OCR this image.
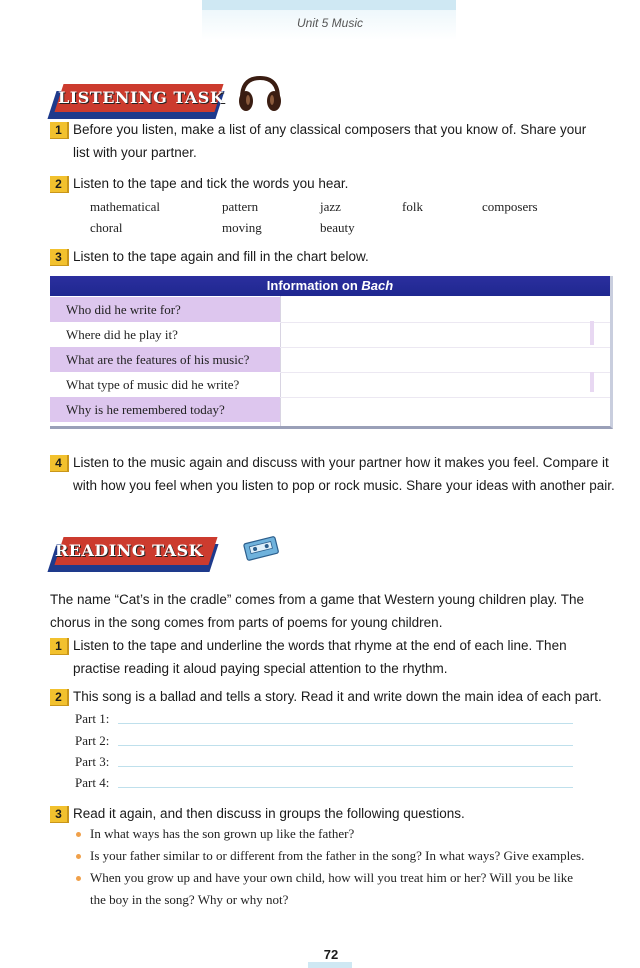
Unit 5 Music
LISTENING TASK
1 Before you listen, make a list of any classical composers that you know of. Share your
list with your partner.
2 Listen to the tape and tick the words you hear.
mathematical	pattern	jazz	folk	composers
choral	moving	beauty
3 Listen to the tape again and fill in the chart below.
Information on Bach
Who did he write for?
Where did he play it?
What are the features of his music?
What type of music did he write?
Why is he remembered today?
4 Listen to the music again and discuss with your partner how it makes you feel. Compare it
with how you feel when you listen to pop or rock music. Share your ideas with another pair.
READING TASK
The name “Cat’s in the cradle” comes from a game that Western young children play. The
chorus in the song comes from parts of poems for young children.
1 Listen to the tape and underline the words that rhyme at the end of each line. Then
practise reading it aloud paying special attention to the rhythm.
2 This song is a ballad and tells a story. Read it and write down the main idea of each part.
Part 1:
Part 2:
Part 3:
Part 4:
3 Read it again, and then discuss in groups the following questions.
In what ways has the son grown up like the father?
Is your father similar to or different from the father in the song? In what ways? Give examples.
When you grow up and have your own child, how will you treat him or her? Will you be like
the boy in the song? Why or why not?
72
